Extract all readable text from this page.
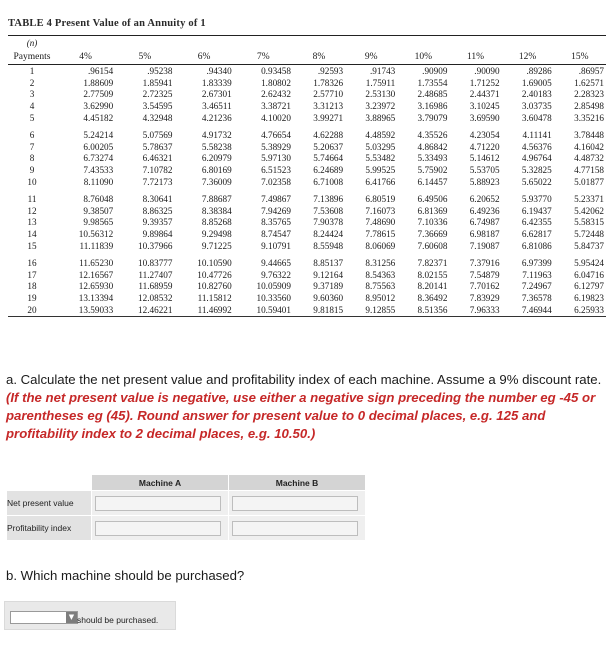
TABLE 4 Present Value of an Annuity of 1
(n)										
Payments	4%	5%	6%	7%	8%	9%	10%	11%	12%	15%
1	.96154	.95238	.94340	0.93458	.92593	.91743	.90909	.90090	.89286	.86957
2	1.88609	1.85941	1.83339	1.80802	1.78326	1.75911	1.73554	1.71252	1.69005	1.62571
3	2.77509	2.72325	2.67301	2.62432	2.57710	2.53130	2.48685	2.44371	2.40183	2.28323
4	3.62990	3.54595	3.46511	3.38721	3.31213	3.23972	3.16986	3.10245	3.03735	2.85498
5	4.45182	4.32948	4.21236	4.10020	3.99271	3.88965	3.79079	3.69590	3.60478	3.35216

6	5.24214	5.07569	4.91732	4.76654	4.62288	4.48592	4.35526	4.23054	4.11141	3.78448
7	6.00205	5.78637	5.58238	5.38929	5.20637	5.03295	4.86842	4.71220	4.56376	4.16042
8	6.73274	6.46321	6.20979	5.97130	5.74664	5.53482	5.33493	5.14612	4.96764	4.48732
9	7.43533	7.10782	6.80169	6.51523	6.24689	5.99525	5.75902	5.53705	5.32825	4.77158
10	8.11090	7.72173	7.36009	7.02358	6.71008	6.41766	6.14457	5.88923	5.65022	5.01877

11	8.76048	8.30641	7.88687	7.49867	7.13896	6.80519	6.49506	6.20652	5.93770	5.23371
12	9.38507	8.86325	8.38384	7.94269	7.53608	7.16073	6.81369	6.49236	6.19437	5.42062
13	9.98565	9.39357	8.85268	8.35765	7.90378	7.48690	7.10336	6.74987	6.42355	5.58315
14	10.56312	9.89864	9.29498	8.74547	8.24424	7.78615	7.36669	6.98187	6.62817	5.72448
15	11.11839	10.37966	9.71225	9.10791	8.55948	8.06069	7.60608	7.19087	6.81086	5.84737

16	11.65230	10.83777	10.10590	9.44665	8.85137	8.31256	7.82371	7.37916	6.97399	5.95424
17	12.16567	11.27407	10.47726	9.76322	9.12164	8.54363	8.02155	7.54879	7.11963	6.04716
18	12.65930	11.68959	10.82760	10.05909	9.37189	8.75563	8.20141	7.70162	7.24967	6.12797
19	13.13394	12.08532	11.15812	10.33560	9.60360	8.95012	8.36492	7.83929	7.36578	6.19823
20	13.59033	12.46221	11.46992	10.59401	9.81815	9.12855	8.51356	7.96333	7.46944	6.25933
a. Calculate the net present value and profitability index of each machine. Assume a 9% discount rate. (If the net present value is negative, use either a negative sign preceding the number eg -45 or parentheses eg (45). Round answer for present value to 0 decimal places, e.g. 125 and profitability index to 2 decimal places, e.g. 10.50.)
	Machine A	Machine B
Net present value		
Profitability index		
b. Which machine should be purchased?
▼ should be purchased.
